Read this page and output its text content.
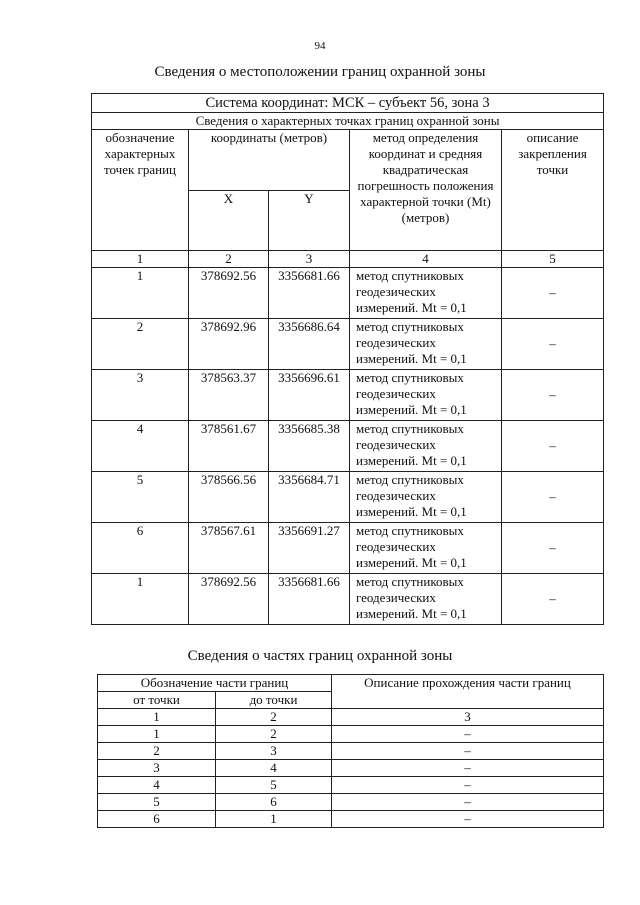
94
Сведения о местоположении границ охранной зоны
Система координат: МСК – субъект 56, зона 3				
Сведения о характерных точках границ охранной зоны				
обозначение характерных точек границ	координаты (метров)		метод определения координат и средняя квадратическая погрешность положения характерной точки (Mt) (метров)	описание закрепления точки
	X	Y		
1	2	3	4	5
1	378692.56	3356681.66	метод спутниковых геодезических измерений. Mt = 0,1	–
2	378692.96	3356686.64	метод спутниковых геодезических измерений. Mt = 0,1	–
3	378563.37	3356696.61	метод спутниковых геодезических измерений. Mt = 0,1	–
4	378561.67	3356685.38	метод спутниковых геодезических измерений. Mt = 0,1	–
5	378566.56	3356684.71	метод спутниковых геодезических измерений. Mt = 0,1	–
6	378567.61	3356691.27	метод спутниковых геодезических измерений. Mt = 0,1	–
1	378692.56	3356681.66	метод спутниковых геодезических измерений. Mt = 0,1	–
Сведения о частях границ охранной зоны
Обозначение части границ		Описание прохождения части границ
от точки	до точки	
1	2	3
1	2	–
2	3	–
3	4	–
4	5	–
5	6	–
6	1	–
